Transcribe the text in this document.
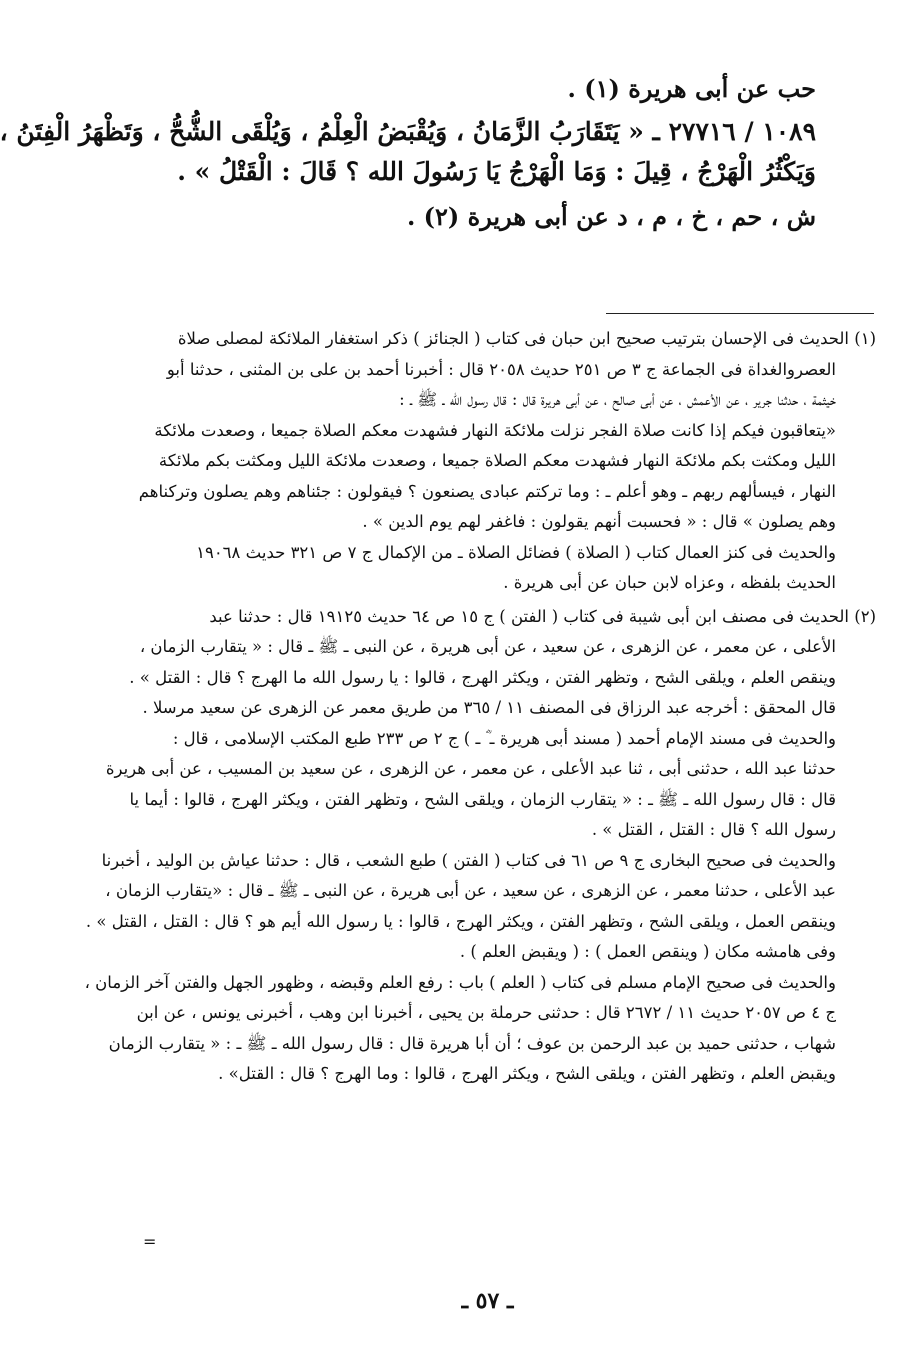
حب عن أبى هريرة (١) .

١٠٨٩ / ٢٧٧١٦ ـ « يَتَقَارَبُ الزَّمَانُ ، وَيُقْبَضُ الْعِلْمُ ، وَيُلْقَى الشُّحُّ ، وَتَظْهَرُ الْفِتَنُ ،

وَيَكْثُرُ الْهَرْجُ ، قِيلَ : وَمَا الْهَرْجُ يَا رَسُولَ الله ؟ قَالَ : الْقَتْلُ » .

ش ، حم ، خ ، م ، د عن أبى هريرة (٢) .

(١) الحديث فى الإحسان بترتيب صحيح ابن حبان فى كتاب ( الجنائز ) ذكر استغفار الملائكة لمصلى صلاة

العصروالغداة فى الجماعة ج ٣ ص ٢٥١ حديث ٢٠٥٨ قال : أخبرنا أحمد بن على بن المثنى ، حدثنا أبو

خيثمة ، حدثنا جرير ، عن الأعمش ، عن أبى صالح ، عن أبى هريرة قال : قال رسول الله ـ ﷺ ـ :

«يتعاقبون فيكم إذا كانت صلاة الفجر نزلت ملائكة النهار فشهدت معكم الصلاة جميعا ، وصعدت ملائكة

الليل ومكثت بكم ملائكة النهار فشهدت معكم الصلاة جميعا ، وصعدت ملائكة الليل ومكثت بكم ملائكة

النهار ، فيسألهم ربهم ـ وهو أعلم ـ : وما تركتم عبادى يصنعون ؟ فيقولون : جئناهم وهم يصلون وتركناهم

وهم يصلون » قال : « فحسبت أنهم يقولون : فاغفر لهم يوم الدين » .

والحديث فى كنز العمال كتاب ( الصلاة ) فضائل الصلاة ـ من الإكمال ج ٧ ص ٣٢١ حديث ١٩٠٦٨

الحديث بلفظه ، وعزاه لابن حبان عن أبى هريرة .

(٢) الحديث فى مصنف ابن أبى شيبة فى كتاب ( الفتن ) ج ١٥ ص ٦٤ حديث ١٩١٢٥ قال : حدثنا عبد

الأعلى ، عن معمر ، عن الزهرى ، عن سعيد ، عن أبى هريرة ، عن النبى ـ ﷺ ـ قال : « يتقارب الزمان ،

وينقص العلم ، ويلقى الشح ، وتظهر الفتن ، ويكثر الهرج ، قالوا : يا رسول الله ما الهرج ؟ قال : القتل » .

قال المحقق : أخرجه عبد الرزاق فى المصنف ١١ / ٣٦٥ من طريق معمر عن الزهرى عن سعيد مرسلا .

والحديث فى مسند الإمام أحمد ( مسند أبى هريرة ـ ؓ ـ ) ج ٢ ص ٢٣٣ طبع المكتب الإسلامى ، قال :

حدثنا عبد الله ، حدثنى أبى ، ثنا عبد الأعلى ، عن معمر ، عن الزهرى ، عن سعيد بن المسيب ، عن أبى هريرة

قال : قال رسول الله ـ ﷺ ـ : « يتقارب الزمان ، ويلقى الشح ، وتظهر الفتن ، ويكثر الهرج ، قالوا : أيما يا

رسول الله ؟ قال : القتل ، القتل » .

والحديث فى صحيح البخارى ج ٩ ص ٦١ فى كتاب ( الفتن ) طبع الشعب ، قال : حدثنا عياش بن الوليد ، أخبرنا

عبد الأعلى ، حدثنا معمر ، عن الزهرى ، عن سعيد ، عن أبى هريرة ، عن النبى ـ ﷺ ـ قال : «يتقارب الزمان ،

وينقص العمل ، ويلقى الشح ، وتظهر الفتن ، ويكثر الهرج ، قالوا : يا رسول الله أيم هو ؟ قال : القتل ، القتل » .

وفى هامشه مكان ( وينقص العمل ) : ( ويقبض العلم ) .

والحديث فى صحيح الإمام مسلم فى كتاب ( العلم ) باب : رفع العلم وقبضه ، وظهور الجهل والفتن آخر الزمان ،

ج ٤ ص ٢٠٥٧ حديث ١١ / ٢٦٧٢ قال : حدثنى حرملة بن يحيى ، أخبرنا ابن وهب ، أخبرنى يونس ، عن ابن

شهاب ، حدثنى حميد بن عبد الرحمن بن عوف ؛ أن أبا هريرة قال : قال رسول الله ـ ﷺ ـ : « يتقارب الزمان

ويقبض العلم ، وتظهر الفتن ، ويلقى الشح ، ويكثر الهرج ، قالوا : وما الهرج ؟ قال : القتل» .

=
ـ ٥٧ ـ
